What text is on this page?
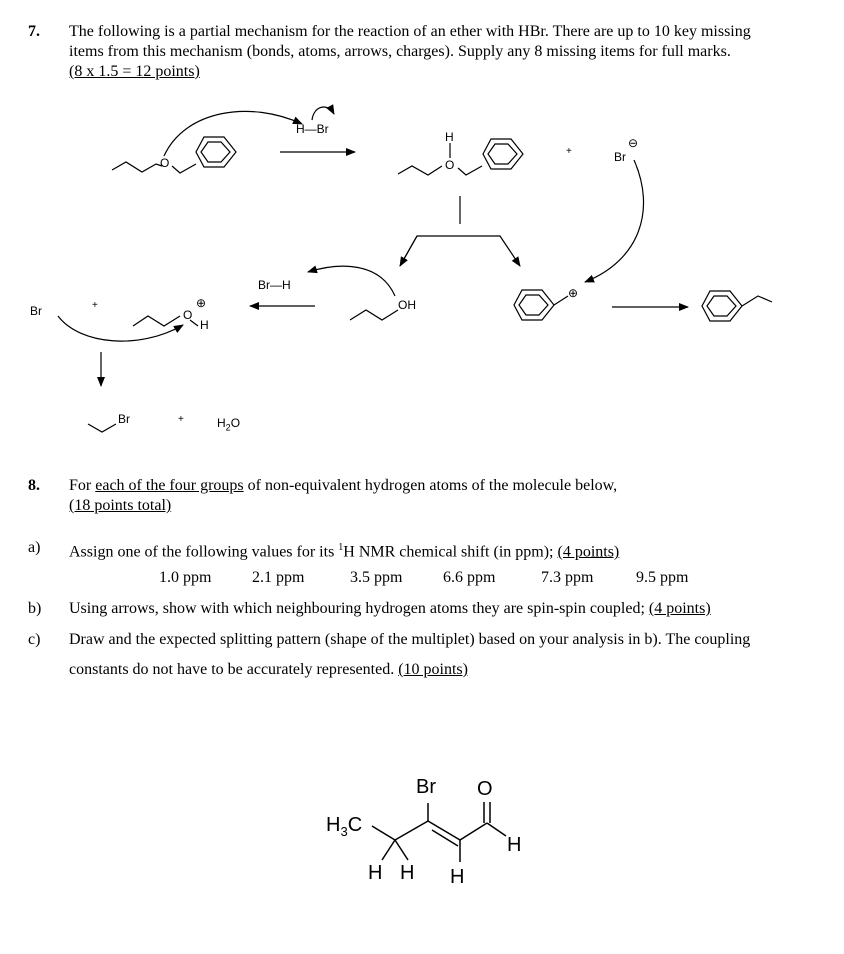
7. The following is a partial mechanism for the reaction of an ether with HBr. There are up to 10 key missing
items from this mechanism (bonds, atoms, arrows, charges). Supply any 8 missing items for full marks.
(8 x 1.5 = 12 points)
H—Br
O
H
O
+	Br
⊖
Br—H
OH
⊕
Br	+
O
⊕
H
Br	+	$H_2O$
8. For each of the four groups of non-equivalent hydrogen atoms of the molecule below,
(18 points total)
a) Assign one of the following values for its $^1$H NMR chemical shift (in ppm); (4 points)
1.0 ppm	2.1 ppm	3.5 ppm	6.6 ppm	7.3 ppm	9.5 ppm
b) Using arrows, show with which neighbouring hydrogen atoms they are spin-spin coupled; (4 points)
c) Draw and the expected splitting pattern (shape of the multiplet) based on your analysis in b). The coupling
constants do not have to be accurately represented. (10 points)
$H_3C$
Br O
H
H H H
